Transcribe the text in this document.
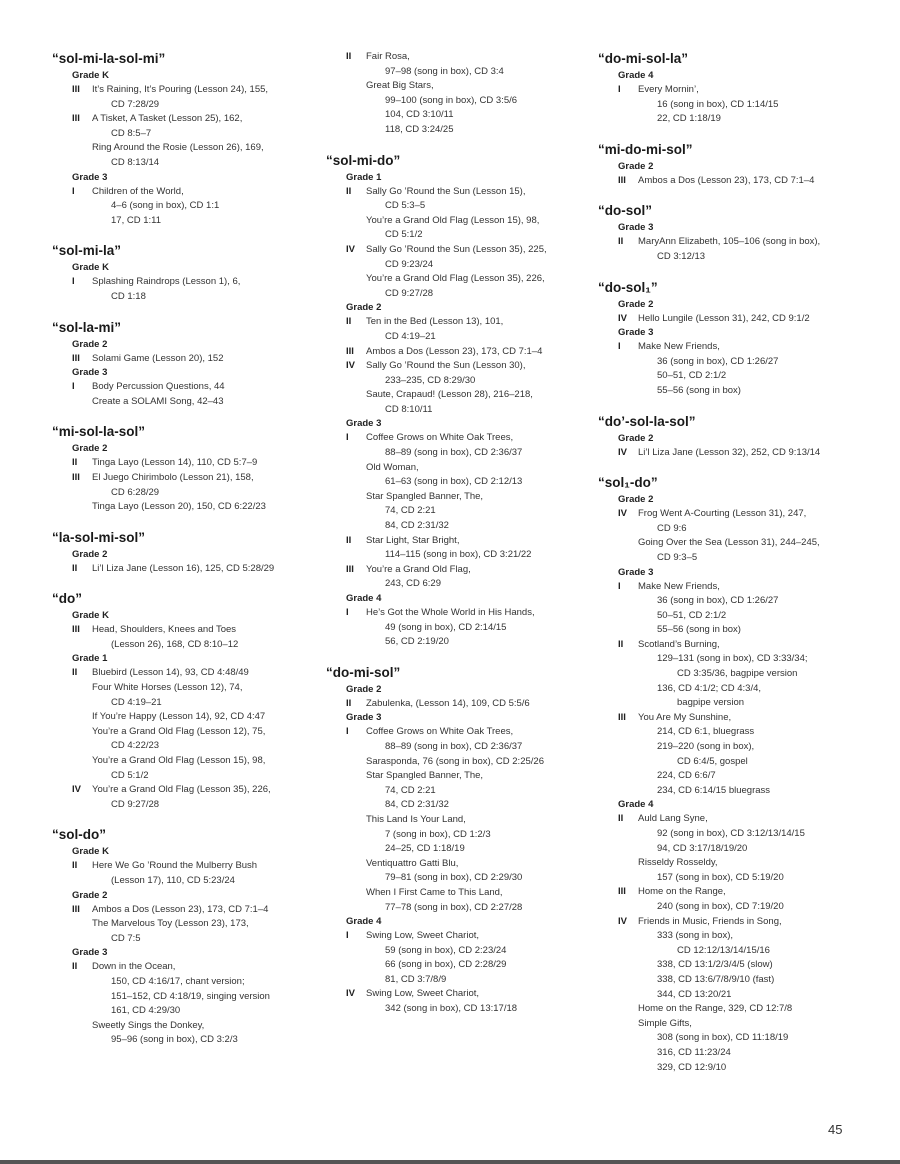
“sol-mi-la-sol-mi”
Grade K
III It’s Raining, It’s Pouring (Lesson 24), 155,
CD 7:28/29
III A Tisket, A Tasket (Lesson 25), 162,
CD 8:5–7
Ring Around the Rosie (Lesson 26), 169,
CD 8:13/14
Grade 3
I Children of the World,
4–6 (song in box), CD 1:1
17, CD 1:11
“sol-mi-la”
Grade K
I Splashing Raindrops (Lesson 1), 6,
CD 1:18
“sol-la-mi”
Grade 2
III Solami Game (Lesson 20), 152
Grade 3
I Body Percussion Questions, 44
Create a SOLAMI Song, 42–43
“mi-sol-la-sol”
Grade 2
II Tinga Layo (Lesson 14), 110, CD 5:7–9
III El Juego Chirimbolo (Lesson 21), 158,
CD 6:28/29
Tinga Layo (Lesson 20), 150, CD 6:22/23
“la-sol-mi-sol”
Grade 2
II Li’l Liza Jane (Lesson 16), 125, CD 5:28/29
“do”
Grade K
III Head, Shoulders, Knees and Toes
(Lesson 26), 168, CD 8:10–12
Grade 1
II Bluebird (Lesson 14), 93, CD 4:48/49
Four White Horses (Lesson 12), 74,
CD 4:19–21
If You’re Happy (Lesson 14), 92, CD 4:47
You’re a Grand Old Flag (Lesson 12), 75,
CD 4:22/23
You’re a Grand Old Flag (Lesson 15), 98,
CD 5:1/2
IV You’re a Grand Old Flag (Lesson 35), 226,
CD 9:27/28
“sol-do”
Grade K
II Here We Go ’Round the Mulberry Bush
(Lesson 17), 110, CD 5:23/24
Grade 2
III Ambos a Dos (Lesson 23), 173, CD 7:1–4
The Marvelous Toy (Lesson 23), 173,
CD 7:5
Grade 3
II Down in the Ocean,
150, CD 4:16/17, chant version;
151–152, CD 4:18/19, singing version
161, CD 4:29/30
Sweetly Sings the Donkey,
95–96 (song in box), CD 3:2/3
II Fair Rosa,
97–98 (song in box), CD 3:4
Great Big Stars,
99–100 (song in box), CD 3:5/6
104, CD 3:10/11
118, CD 3:24/25
“sol-mi-do”
Grade 1
II Sally Go ’Round the Sun (Lesson 15),
CD 5:3–5
You’re a Grand Old Flag (Lesson 15), 98,
CD 5:1/2
IV Sally Go ’Round the Sun (Lesson 35), 225,
CD 9:23/24
You’re a Grand Old Flag (Lesson 35), 226,
CD 9:27/28
Grade 2
II Ten in the Bed (Lesson 13), 101,
CD 4:19–21
III Ambos a Dos (Lesson 23), 173, CD 7:1–4
IV Sally Go ’Round the Sun (Lesson 30),
233–235, CD 8:29/30
Saute, Crapaud! (Lesson 28), 216–218,
CD 8:10/11
Grade 3
I Coffee Grows on White Oak Trees,
88–89 (song in box), CD 2:36/37
Old Woman,
61–63 (song in box), CD 2:12/13
Star Spangled Banner, The,
74, CD 2:21
84, CD 2:31/32
II Star Light, Star Bright,
114–115 (song in box), CD 3:21/22
III You’re a Grand Old Flag,
243, CD 6:29
Grade 4
I He’s Got the Whole World in His Hands,
49 (song in box), CD 2:14/15
56, CD 2:19/20
“do-mi-sol”
Grade 2
II Zabulenka, (Lesson 14), 109, CD 5:5/6
Grade 3
I Coffee Grows on White Oak Trees,
88–89 (song in box), CD 2:36/37
Sarasponda, 76 (song in box), CD 2:25/26
Star Spangled Banner, The,
74, CD 2:21
84, CD 2:31/32
This Land Is Your Land,
7 (song in box), CD 1:2/3
24–25, CD 1:18/19
Ventiquattro Gatti Blu,
79–81 (song in box), CD 2:29/30
When I First Came to This Land,
77–78 (song in box), CD 2:27/28
Grade 4
I Swing Low, Sweet Chariot,
59 (song in box), CD 2:23/24
66 (song in box), CD 2:28/29
81, CD 3:7/8/9
IV Swing Low, Sweet Chariot,
342 (song in box), CD 13:17/18
“do-mi-sol-la”
Grade 4
I Every Mornin’,
16 (song in box), CD 1:14/15
22, CD 1:18/19
“mi-do-mi-sol”
Grade 2
III Ambos a Dos (Lesson 23), 173, CD 7:1–4
“do-sol”
Grade 3
II MaryAnn Elizabeth, 105–106 (song in box),
CD 3:12/13
“do-sol₁”
Grade 2
IV Hello Lungile (Lesson 31), 242, CD 9:1/2
Grade 3
I Make New Friends,
36 (song in box), CD 1:26/27
50–51, CD 2:1/2
55–56 (song in box)
“do’-sol-la-sol”
Grade 2
IV Li’l Liza Jane (Lesson 32), 252, CD 9:13/14
“sol₁-do”
Grade 2
IV Frog Went A-Courting (Lesson 31), 247,
CD 9:6
Going Over the Sea (Lesson 31), 244–245,
CD 9:3–5
Grade 3
I Make New Friends,
36 (song in box), CD 1:26/27
50–51, CD 2:1/2
55–56 (song in box)
II Scotland’s Burning,
129–131 (song in box), CD 3:33/34;
CD 3:35/36, bagpipe version
136, CD 4:1/2; CD 4:3/4,
bagpipe version
III You Are My Sunshine,
214, CD 6:1, bluegrass
219–220 (song in box),
CD 6:4/5, gospel
224, CD 6:6/7
234, CD 6:14/15 bluegrass
Grade 4
II Auld Lang Syne,
92 (song in box), CD 3:12/13/14/15
94, CD 3:17/18/19/20
Risseldy Rosseldy,
157 (song in box), CD 5:19/20
III Home on the Range,
240 (song in box), CD 7:19/20
IV Friends in Music, Friends in Song,
333 (song in box),
CD 12:12/13/14/15/16
338, CD 13:1/2/3/4/5 (slow)
338, CD 13:6/7/8/9/10 (fast)
344, CD 13:20/21
Home on the Range, 329, CD 12:7/8
Simple Gifts,
308 (song in box), CD 11:18/19
316, CD 11:23/24
329, CD 12:9/10
45
